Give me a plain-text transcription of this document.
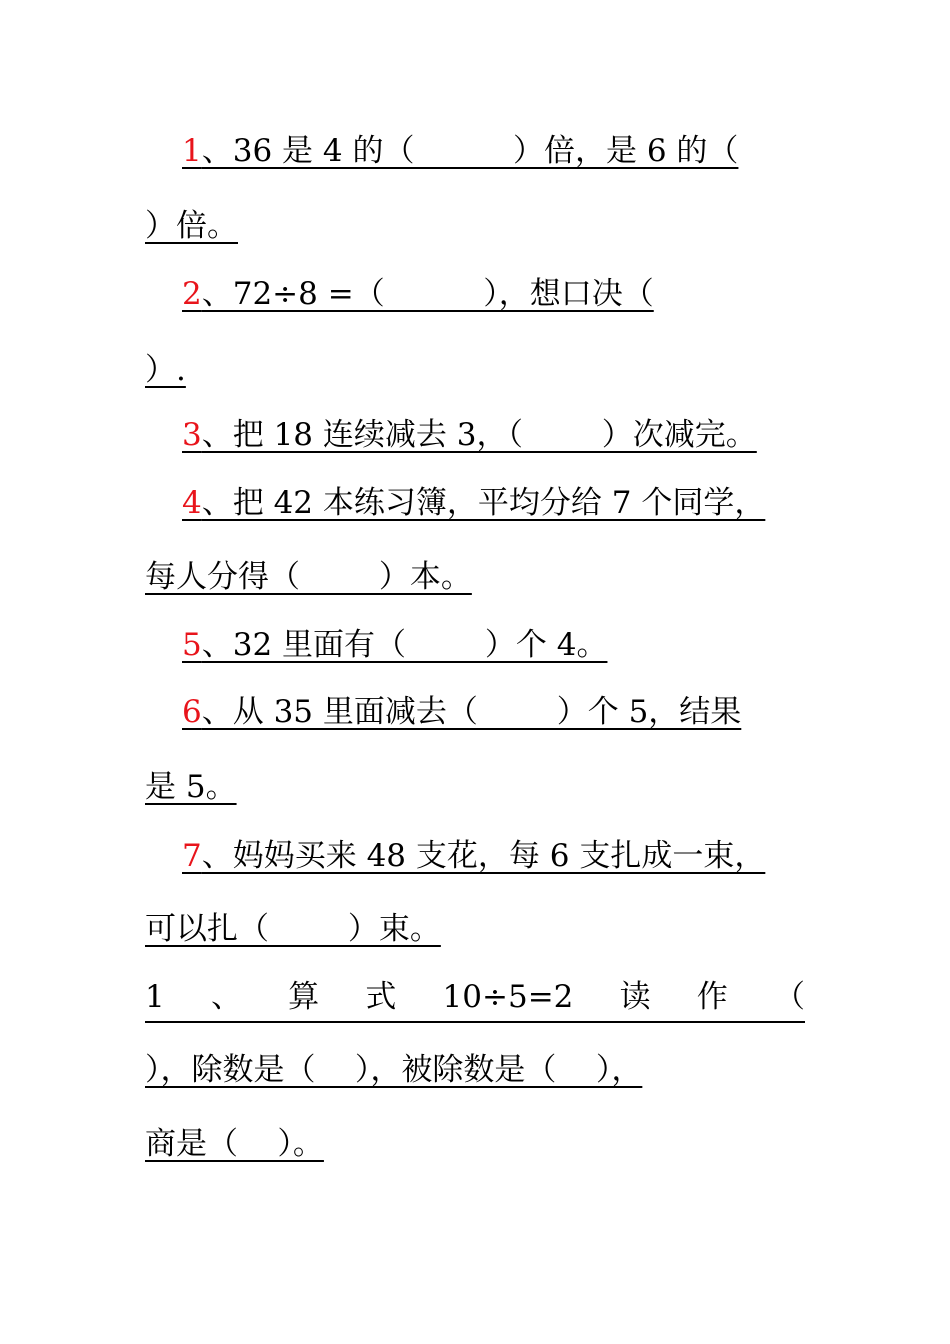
1、36 是 4 的（          ）倍，是 6 的（
）倍。
2、72÷8 =（          ），想口决（
）.
3、把 18 连续减去 3，（        ）次减完。
4、把 42 本练习簿，平均分给 7 个同学，
每人分得（        ）本。
5、32 里面有（        ）个 4。
6、从 35 里面减去（        ）个 5，结果
是 5。
7、妈妈买来 48 支花，每 6 支扎成一束，
可以扎（        ）束。
1 、 算 式 10÷5=2 读 作 （
），除数是（    ），被除数是（    ），
商是（    ）。
